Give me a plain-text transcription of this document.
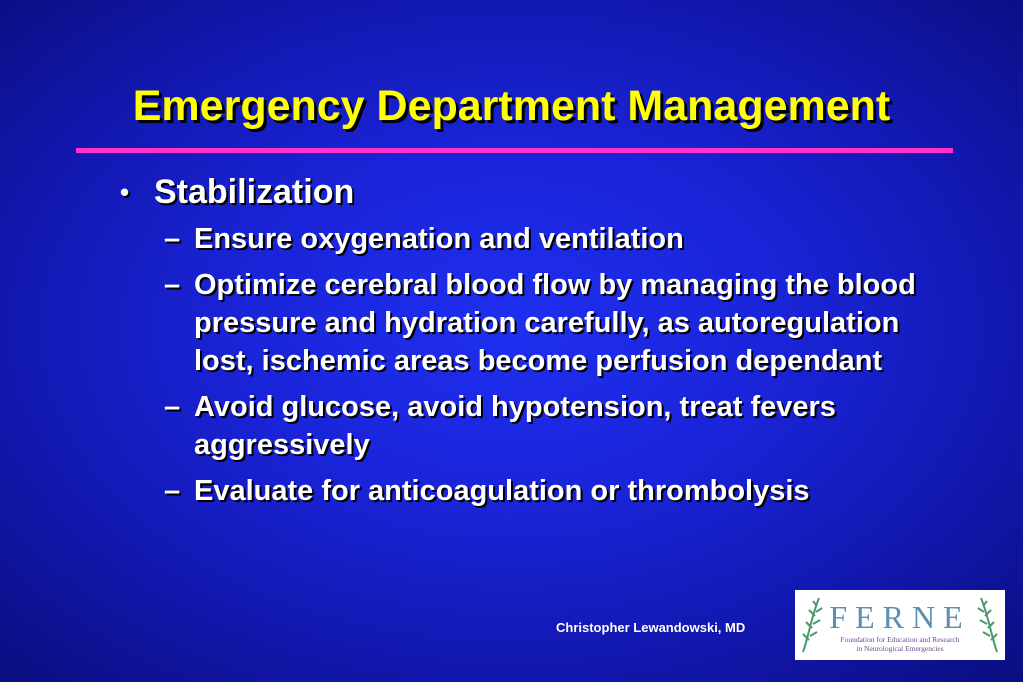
Emergency Department Management
• Stabilization
– Ensure oxygenation and ventilation
– Optimize cerebral blood flow by managing the blood pressure and hydration carefully, as autoregulation lost, ischemic areas become perfusion dependant
– Avoid glucose, avoid hypotension, treat fevers aggressively
– Evaluate for anticoagulation or thrombolysis
Christopher Lewandowski, MD	FERNE
Foundation for Education and Research
in Neurological Emergencies
